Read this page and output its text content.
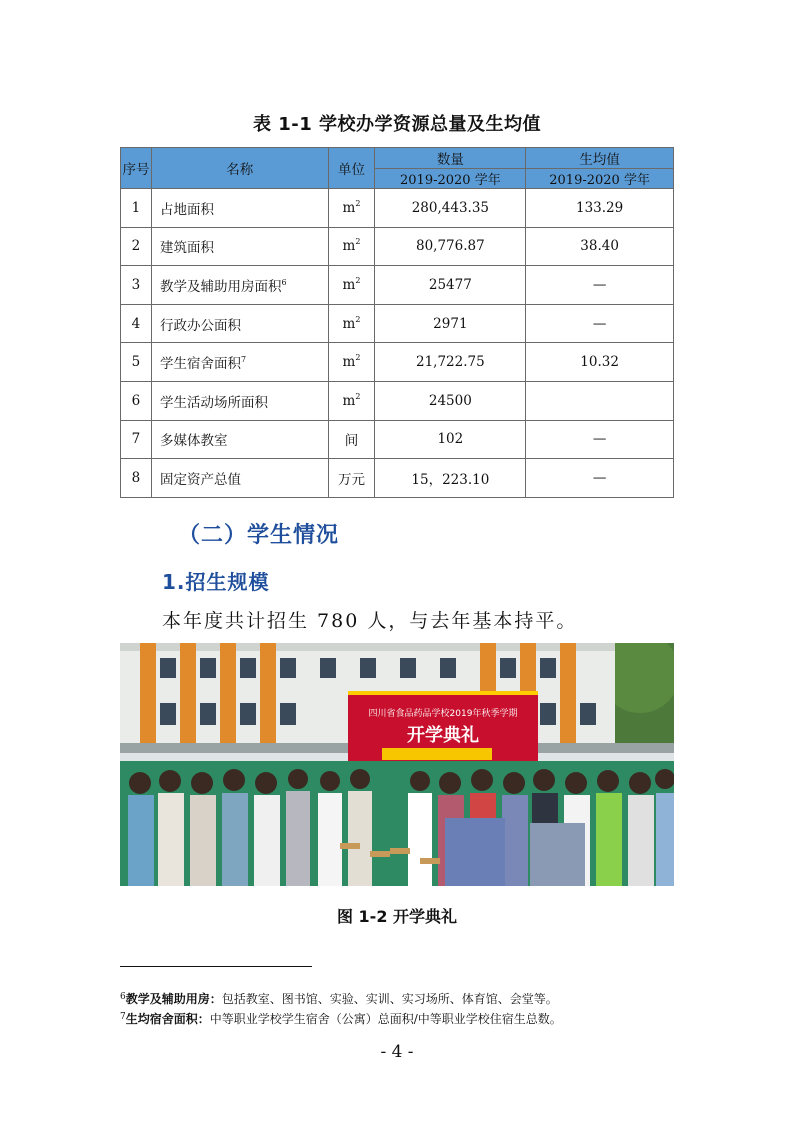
表 1-1 学校办学资源总量及生均值
序号	名称	单位	数量	生均值
			2019-2020 学年	2019-2020 学年
1	占地面积	$m^2$	280,443.35	133.29
2	建筑面积	$m^2$	80,776.87	38.40
3	教学及辅助用房面积$^6$	$m^2$	25477	—
4	行政办公面积	$m^2$	2971	—
5	学生宿舍面积$^7$	$m^2$	21,722.75	10.32
6	学生活动场所面积	$m^2$	24500	
7	多媒体教室	间	102	—
8	固定资产总值	万元	15，223.10	—
（二）学生情况
1.招生规模
本年度共计招生 780 人，与去年基本持平。
四川省食品药品学校2019年秋季学期
开学典礼
图 1-2 开学典礼
$^6$教学及辅助用房：包括教室、图书馆、实验、实训、实习场所、体育馆、会堂等。
$^7$生均宿舍面积：中等职业学校学生宿舍（公寓）总面积/中等职业学校住宿生总数。
- 4 -
